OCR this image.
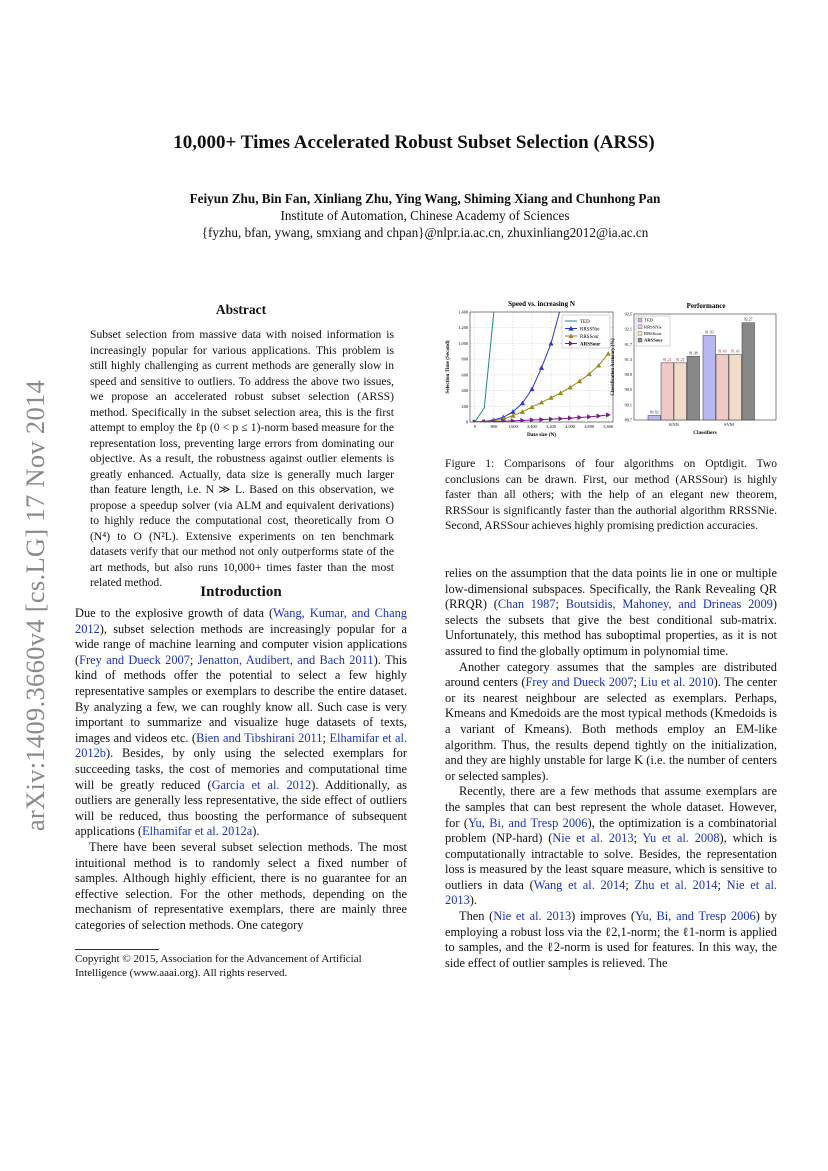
arXiv:1409.3660v4 [cs.LG] 17 Nov 2014
10,000+ Times Accelerated Robust Subset Selection (ARSS)
Feiyun Zhu, Bin Fan, Xinliang Zhu, Ying Wang, Shiming Xiang and Chunhong Pan
Institute of Automation, Chinese Academy of Sciences
{fyzhu, bfan, ywang, smxiang and chpan}@nlpr.ia.ac.cn, zhuxinliang2012@ia.ac.cn
Abstract
Subset selection from massive data with noised information is increasingly popular for various applications. This problem is still highly challenging as current methods are generally slow in speed and sensitive to outliers. To address the above two issues, we propose an accelerated robust subset selection (ARSS) method. Specifically in the subset selection area, this is the first attempt to employ the ℓp (0 < p ≤ 1)-norm based measure for the representation loss, preventing large errors from dominating our objective. As a result, the robustness against outlier elements is greatly enhanced. Actually, data size is generally much larger than feature length, i.e. N ≫ L. Based on this observation, we propose a speedup solver (via ALM and equivalent derivations) to highly reduce the computational cost, theoretically from O (N⁴) to O (N²L). Extensive experiments on ten benchmark datasets verify that our method not only outperforms state of the art methods, but also runs 10,000+ times faster than the most related method.
Introduction

Due to the explosive growth of data (Wang, Kumar, and Chang 2012), subset selection methods are increasingly popular for a wide range of machine learning and computer vision applications (Frey and Dueck 2007; Jenatton, Audibert, and Bach 2011). This kind of methods offer the potential to select a few highly representative samples or exemplars to describe the entire dataset. By analyzing a few, we can roughly know all. Such case is very important to summarize and visualize huge datasets of texts, images and videos etc. (Bien and Tibshirani 2011; Elhamifar et al. 2012b). Besides, by only using the selected exemplars for succeeding tasks, the cost of memories and computational time will be greatly reduced (Garcia et al. 2012). Additionally, as outliers are generally less representative, the side effect of outliers will be reduced, thus boosting the performance of subsequent applications (Elhamifar et al. 2012a).

There have been several subset selection methods. The most intuitional method is to randomly select a fixed number of samples. Although highly efficient, there is no guarantee for an effective selection. For the other methods, depending on the mechanism of representative exemplars, there are mainly three categories of selection methods. One category

Copyright © 2015, Association for the Advancement of Artificial Intelligence (www.aaai.org). All rights reserved.
Speed vs. increasing N
0
200
400
600
800
1,000
1,200
1,400
0	800	1,600 2,400 3,200 4,000 4,800 5,600
TED
RRSSNie
RRSSour
ARSSour
Data size (N)
Selection Time (Second)
Performance
89.7
90.1
90.5
90.9
91.3
91.7
92.1
92.5
89.82
91.21 91.21
91.38
KNN
91.93
91.43 91.43
92.27
SVM
TED
RRSSNie
RRSSour
ARSSour
Classifiers
Classification Accuracy (%)
Figure 1: Comparisons of four algorithms on Optdigit. Two conclusions can be drawn. First, our method (ARSSour) is highly faster than all others; with the help of an elegant new theorem, RRSSour is significantly faster than the authorial algorithm RRSSNie. Second, ARSSour achieves highly promising prediction accuracies.

relies on the assumption that the data points lie in one or multiple low-dimensional subspaces. Specifically, the Rank Revealing QR (RRQR) (Chan 1987; Boutsidis, Mahoney, and Drineas 2009) selects the subsets that give the best conditional sub-matrix. Unfortunately, this method has suboptimal properties, as it is not assured to find the globally optimum in polynomial time.

Another category assumes that the samples are distributed around centers (Frey and Dueck 2007; Liu et al. 2010). The center or its nearest neighbour are selected as exemplars. Perhaps, Kmeans and Kmedoids are the most typical methods (Kmedoids is a variant of Kmeans). Both methods employ an EM-like algorithm. Thus, the results depend tightly on the initialization, and they are highly unstable for large K (i.e. the number of centers or selected samples).

Recently, there are a few methods that assume exemplars are the samples that can best represent the whole dataset. However, for (Yu, Bi, and Tresp 2006), the optimization is a combinatorial problem (NP-hard) (Nie et al. 2013; Yu et al. 2008), which is computationally intractable to solve. Besides, the representation loss is measured by the least square measure, which is sensitive to outliers in data (Wang et al. 2014; Zhu et al. 2014; Nie et al. 2013).

Then (Nie et al. 2013) improves (Yu, Bi, and Tresp 2006) by employing a robust loss via the ℓ2,1-norm; the ℓ1-norm is applied to samples, and the ℓ2-norm is used for features. In this way, the side effect of outlier samples is relieved. The
